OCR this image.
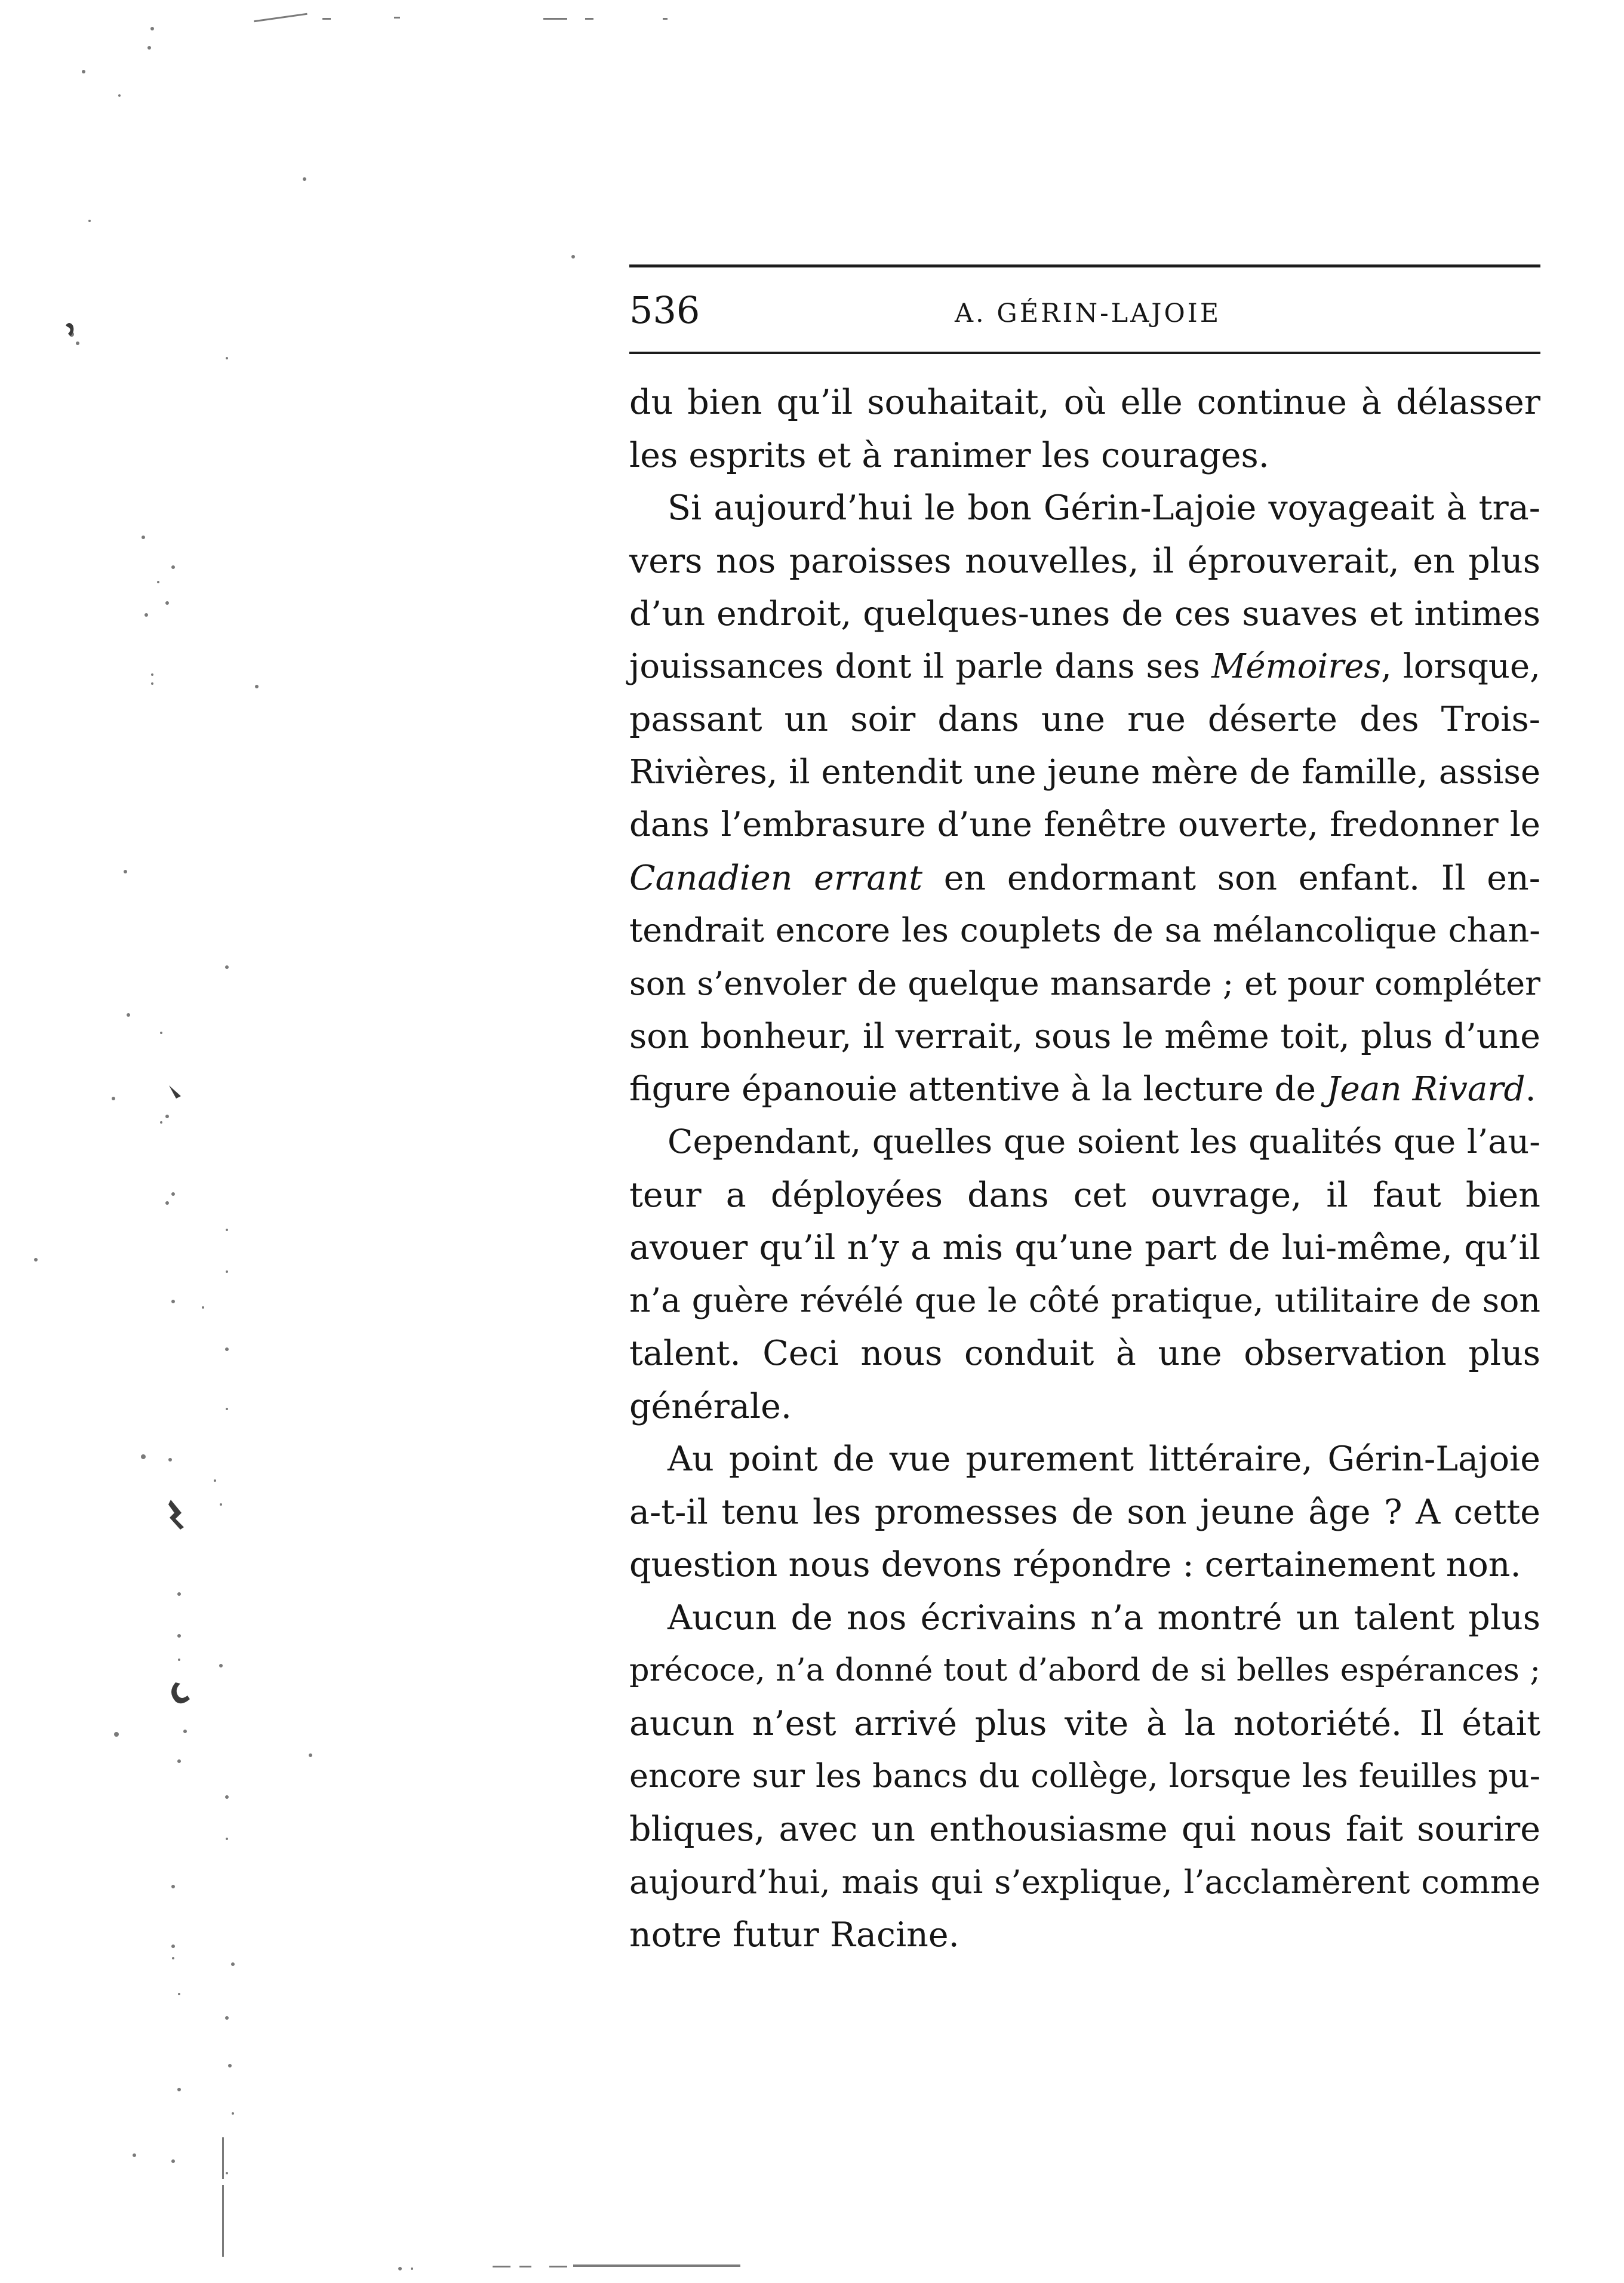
536	A. GÉRIN-LAJOIE
du bien qu’il souhaitait, où elle continue à délasser
les esprits et à ranimer les courages.
Si aujourd’hui le bon Gérin-Lajoie voyageait à tra-
vers nos paroisses nouvelles, il éprouverait, en plus
d’un endroit, quelques-unes de ces suaves et intimes
jouissances dont il parle dans ses Mémoires, lorsque,
passant un soir dans une rue déserte des Trois-
Rivières, il entendit une jeune mère de famille, assise
dans l’embrasure d’une fenêtre ouverte, fredonner le
Canadien errant en endormant son enfant. Il en-
tendrait encore les couplets de sa mélancolique chan-
son s’envoler de quelque mansarde ; et pour compléter
son bonheur, il verrait, sous le même toit, plus d’une
figure épanouie attentive à la lecture de Jean Rivard.
Cependant, quelles que soient les qualités que l’au-
teur a déployées dans cet ouvrage, il faut bien
avouer qu’il n’y a mis qu’une part de lui-même, qu’il
n’a guère révélé que le côté pratique, utilitaire de son
talent. Ceci nous conduit à une observation plus
générale.
Au point de vue purement littéraire, Gérin-Lajoie
a-t-il tenu les promesses de son jeune âge ? A cette
question nous devons répondre : certainement non.
Aucun de nos écrivains n’a montré un talent plus
précoce, n’a donné tout d’abord de si belles espérances ;
aucun n’est arrivé plus vite à la notoriété. Il était
encore sur les bancs du collège, lorsque les feuilles pu-
bliques, avec un enthousiasme qui nous fait sourire
aujourd’hui, mais qui s’explique, l’acclamèrent comme
notre futur Racine.
